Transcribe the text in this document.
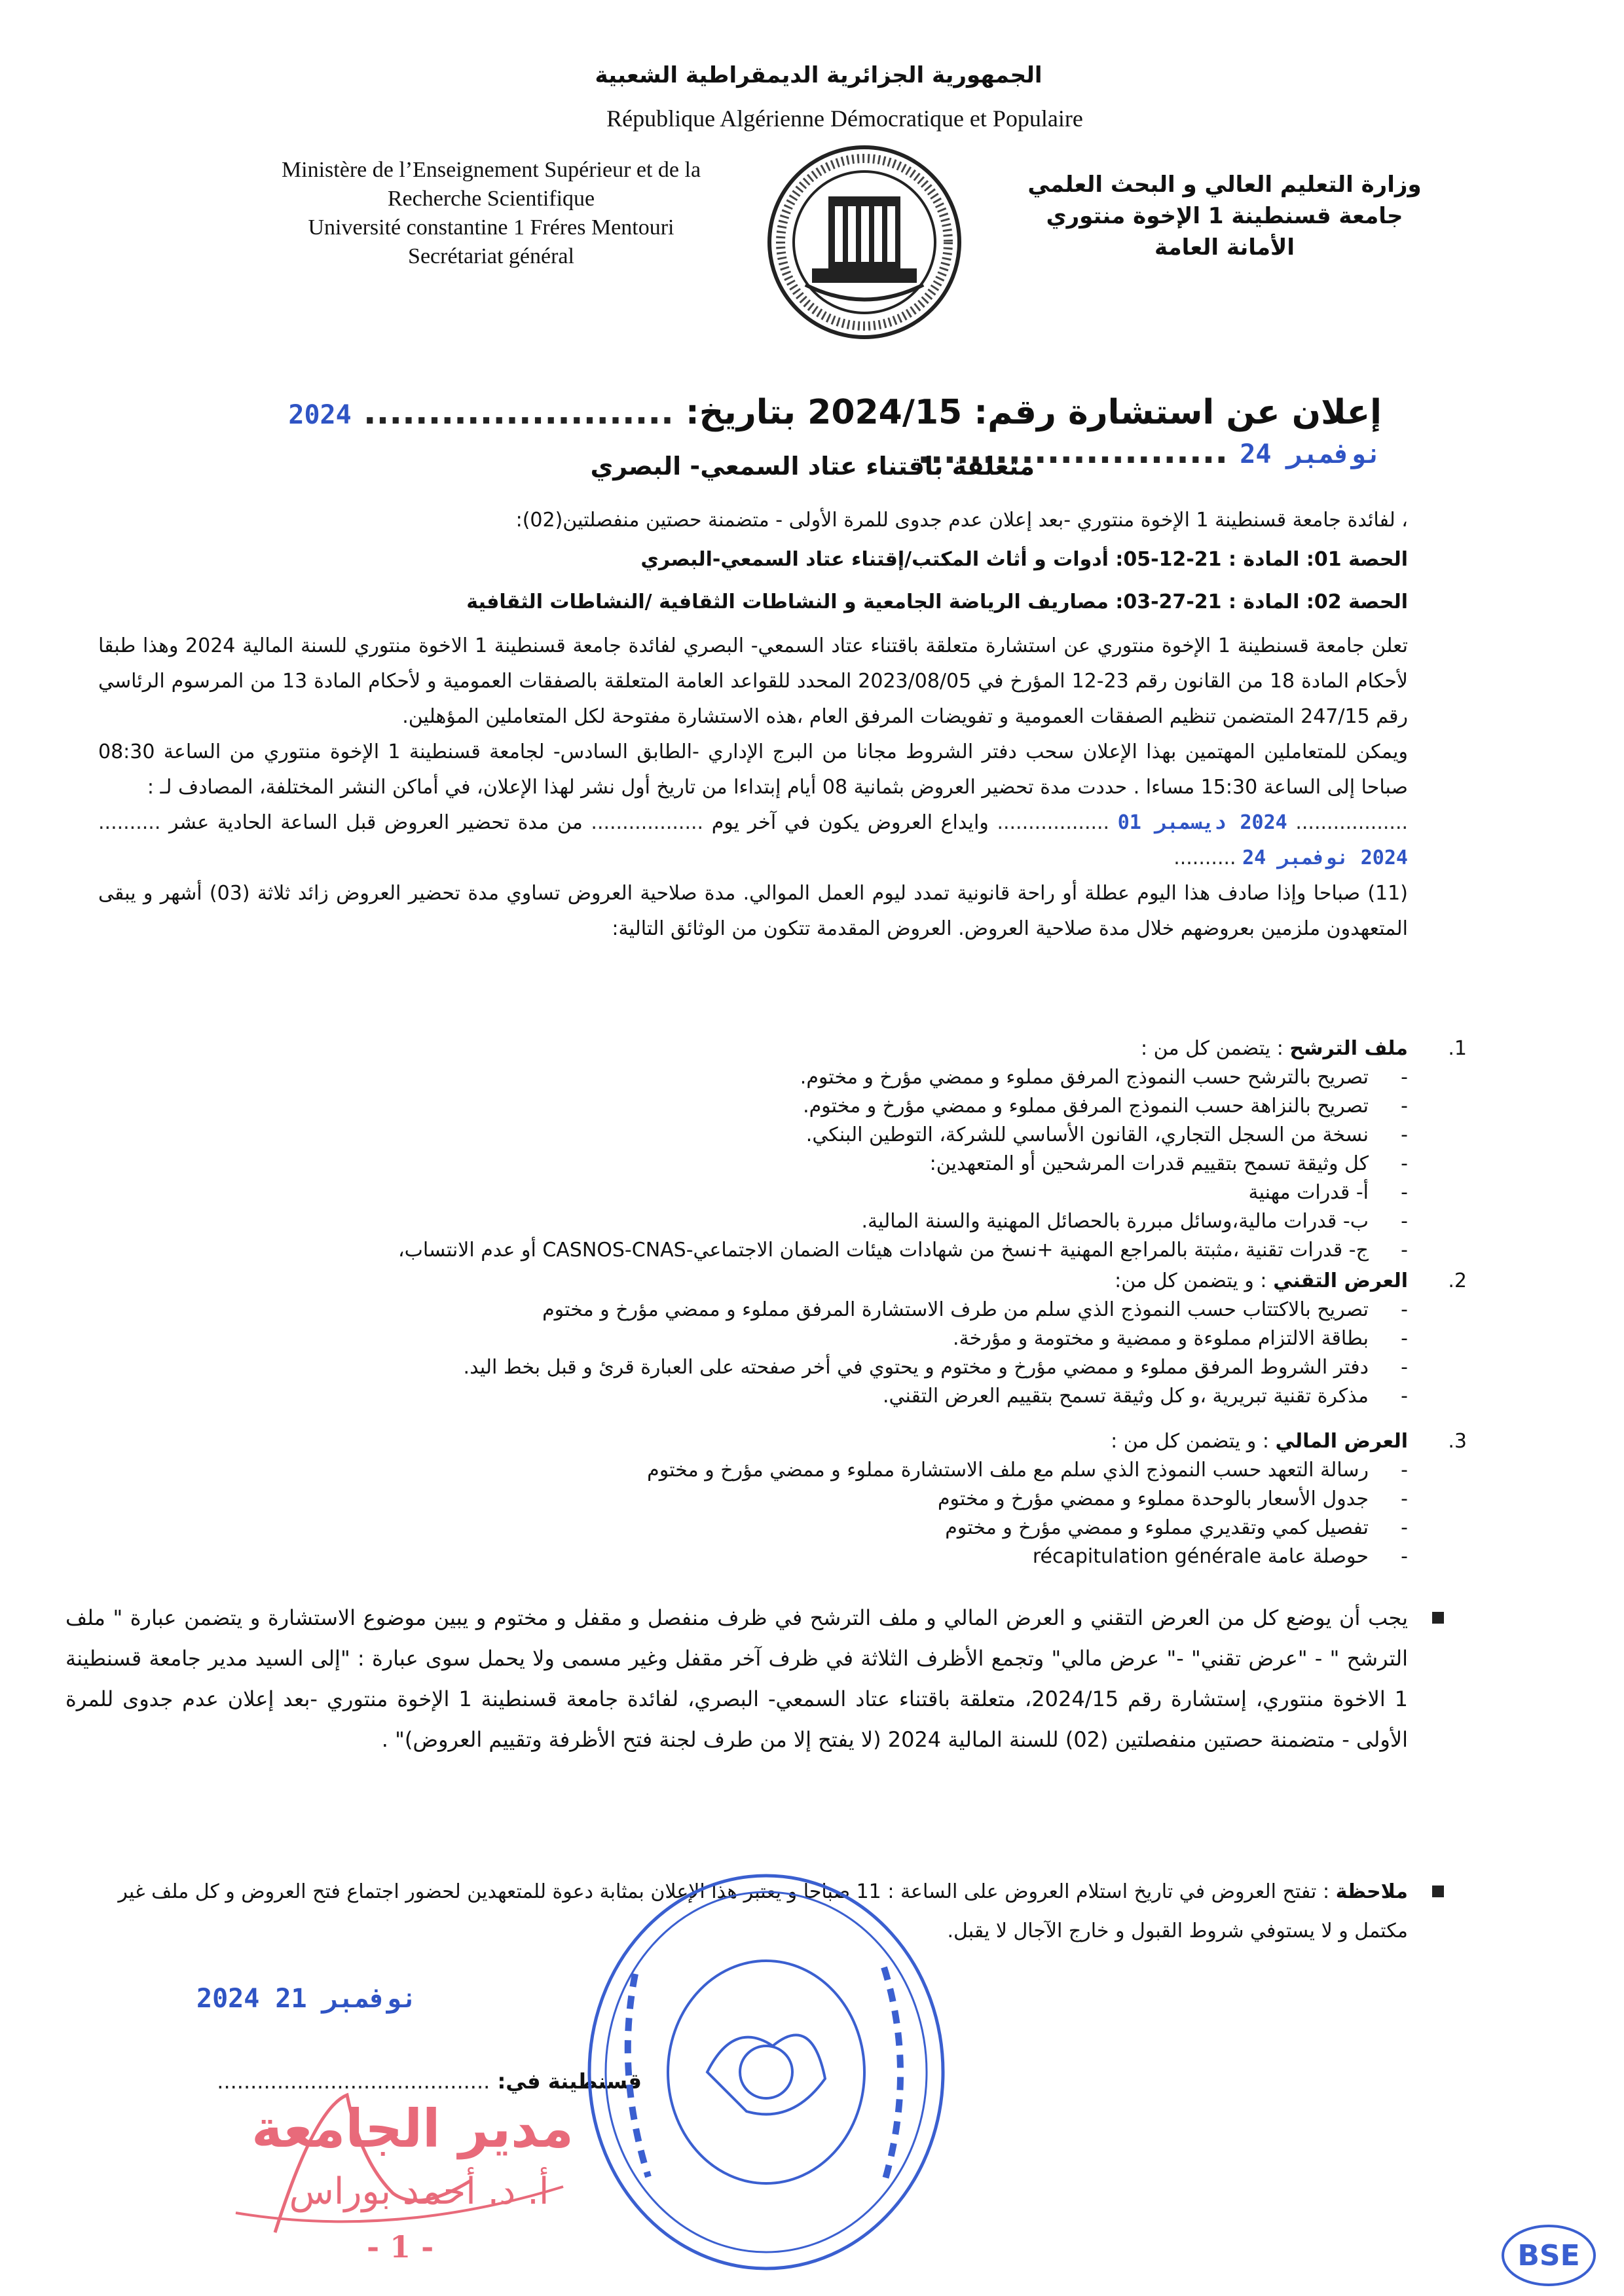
الجمهورية الجزائرية الديمقراطية الشعبية
République Algérienne Démocratique et Populaire
Ministère de l’Enseignement Supérieur et de la
Recherche Scientifique
Université constantine 1 Fréres Mentouri
Secrétariat général
وزارة التعليم العالي و البحث العلمي
جامعة قسنطينة 1 الإخوة منتوري
الأمانة العامة
إعلان عن استشارة رقم: 2024/15 بتاريخ: ........................ 2024 نوفمبر 24 ........................
متعلقة باقتناء عتاد السمعي- البصري
، لفائدة جامعة قسنطينة 1 الإخوة منتوري -بعد إعلان عدم جدوى للمرة الأولى - متضمنة حصتين منفصلتين(02):
الحصة 01: المادة : 21-12-05: أدوات و أثاث المكتب/إقتناء عتاد السمعي-البصري
الحصة 02: المادة : 21-27-03: مصاريف الرياضة الجامعية و النشاطات الثقافية /النشاطات الثقافية
تعلن جامعة قسنطينة 1 الإخوة منتوري عن استشارة متعلقة باقتناء عتاد السمعي- البصري لفائدة جامعة قسنطينة 1 الاخوة منتوري للسنة المالية 2024 وهذا طبقا لأحكام المادة 18 من القانون رقم 23-12 المؤرخ في 2023/08/05 المحدد للقواعد العامة المتعلقة بالصفقات العمومية و لأحكام المادة 13 من المرسوم الرئاسي رقم 247/15 المتضمن تنظيم الصفقات العمومية و تفويضات المرفق العام ،هذه الاستشارة مفتوحة لكل المتعاملين المؤهلين.
ويمكن للمتعاملين المهتمين بهذا الإعلان سحب دفتر الشروط مجانا من البرج الإداري -الطابق السادس- لجامعة قسنطينة 1 الإخوة منتوري من الساعة 08:30 صباحا إلى الساعة 15:30 مساءا . حددت مدة تحضير العروض بثمانية 08 أيام إبتداءا من تاريخ أول نشر لهذا الإعلان، في أماكن النشر المختلفة، المصادف لـ :
.................. 2024 ديسمبر 01 .................. وايداع العروض يكون في آخر يوم .................. من مدة تحضير العروض قبل الساعة الحادية عشر .......... 2024 نوفمبر 24 ..........
(11) صباحا وإذا صادف هذا اليوم عطلة أو راحة قانونية تمدد ليوم العمل الموالي. مدة صلاحية العروض تساوي مدة تحضير العروض زائد ثلاثة (03) أشهر و يبقى المتعهدون ملزمين بعروضهم خلال مدة صلاحية العروض. العروض المقدمة تتكون من الوثائق التالية:
1.
ملف الترشح : يتضمن كل من :
- تصريح بالترشح حسب النموذج المرفق مملوء و ممضي مؤرخ و مختوم.
- تصريح بالنزاهة حسب النموذج المرفق مملوء و ممضي مؤرخ و مختوم.
- نسخة من السجل التجاري، القانون الأساسي للشركة، التوطين البنكي.
- كل وثيقة تسمح بتقييم قدرات المرشحين أو المتعهدين:
- أ- قدرات مهنية
- ب- قدرات مالية،وسائل مبررة بالحصائل المهنية والسنة المالية.
- ج- قدرات تقنية ،مثبتة بالمراجع المهنية +نسخ من شهادات هيئات الضمان الاجتماعي-CASNOS-CNAS أو عدم الانتساب،
2.
العرض التقني : و يتضمن كل من:
- تصريح بالاكتتاب حسب النموذج الذي سلم من طرف الاستشارة المرفق مملوء و ممضي مؤرخ و مختوم
- بطاقة الالتزام مملوءة و ممضية و مختومة و مؤرخة.
- دفتر الشروط المرفق مملوء و ممضي مؤرخ و مختوم و يحتوي في أخر صفحته على العبارة قرئ و قبل بخط اليد.
- مذكرة تقنية تبريرية ،و كل وثيقة تسمح بتقييم العرض التقني.
3.
العرض المالي : و يتضمن كل من :
- رسالة التعهد حسب النموذج الذي سلم مع ملف الاستشارة مملوء و ممضي مؤرخ و مختوم
- جدول الأسعار بالوحدة مملوء و ممضي مؤرخ و مختوم
- تفصيل كمي وتقديري مملوء و ممضي مؤرخ و مختوم
- حوصلة عامة récapitulation générale
يجب أن يوضع كل من العرض التقني و العرض المالي و ملف الترشح في ظرف منفصل و مقفل و مختوم و يبين موضوع الاستشارة و يتضمن عبارة " ملف الترشح " - "عرض تقني" -" عرض مالي" وتجمع الأظرف الثلاثة في ظرف آخر مقفل وغير مسمى ولا يحمل سوى عبارة : "إلى السيد مدير جامعة قسنطينة 1 الاخوة منتوري، إستشارة رقم 2024/15، متعلقة باقتناء عتاد السمعي- البصري، لفائدة جامعة قسنطينة 1 الإخوة منتوري -بعد إعلان عدم جدوى للمرة الأولى - متضمنة حصتين منفصلتين (02) للسنة المالية 2024 (لا يفتح إلا من طرف لجنة فتح الأظرفة وتقييم العروض)" .
ملاحظة : تفتح العروض في تاريخ استلام العروض على الساعة : 11 صباحا و يعتبر هذا الإعلان بمثابة دعوة للمتعهدين لحضور اجتماع فتح العروض و كل ملف غير مكتمل و لا يستوفي شروط القبول و خارج الآجال لا يقبل.
2024 نوفمبر 21
قسنطينة في: .........................................
مدير الجامعة
أ. د. أحمد بوراس
- 1 -	BSE
